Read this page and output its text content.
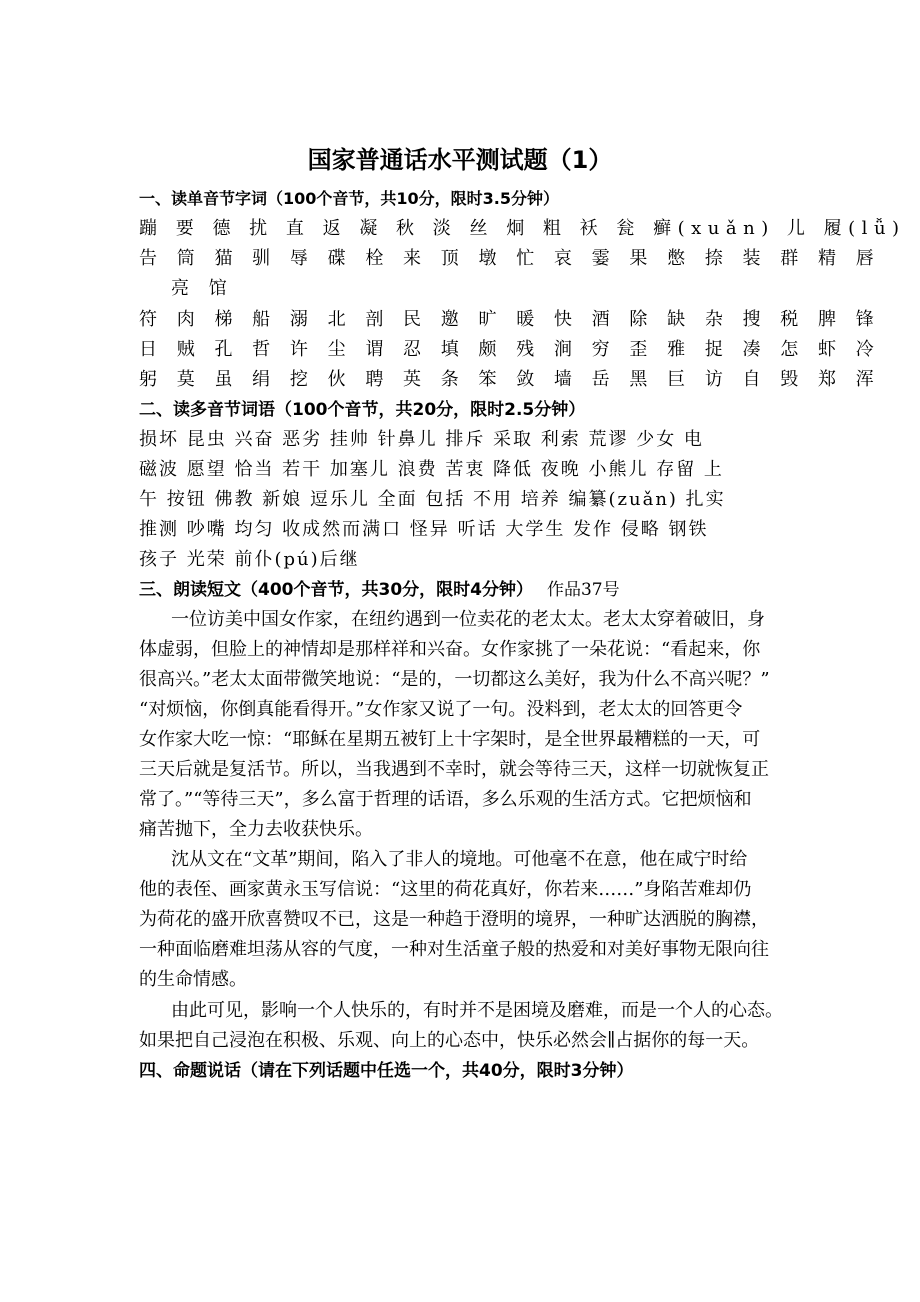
国家普通话水平测试题（1）
一、读单音节字词（100个音节，共10分，限时3.5分钟）
蹦 要 德 扰 直 返 凝 秋 淡 丝 炯 粗 袄 瓮 癣(xuǎn) 儿 履(lǚ)
告 筒 猫 驯 辱 碟 栓 来 顶 墩 忙 哀 霎 果 憋 捺 装 群 精 唇
亮 馆
符 肉 梯 船 溺 北 剖 民 邀 旷 暖 快 酒 除 缺 杂 搜 税 脾 锋
日 贼 孔 哲 许 尘 谓 忍 填 颇 残 涧 穷 歪 雅 捉 凑 怎 虾 冷
躬 莫 虽 绢 挖 伙 聘 英 条 笨 敛 墙 岳 黑 巨 访 自 毁 郑 浑
二、读多音节词语（100个音节，共20分，限时2.5分钟）
损坏 昆虫 兴奋 恶劣 挂帅 针鼻儿 排斥 采取 利索 荒谬 少女 电
磁波 愿望 恰当 若干 加塞儿 浪费 苦衷 降低 夜晚 小熊儿 存留 上
午 按钮 佛教 新娘 逗乐儿 全面 包括 不用 培养 编纂(zuǎn) 扎实
推测 吵嘴 均匀 收成然而满口 怪异 听话 大学生 发作 侵略 钢铁
孩子 光荣 前仆(pú)后继
三、朗读短文（400个音节，共30分，限时4分钟） 作品37号
一位访美中国女作家，在纽约遇到一位卖花的老太太。老太太穿着破旧，身
体虚弱，但脸上的神情却是那样祥和兴奋。女作家挑了一朵花说：“看起来，你
很高兴。”老太太面带微笑地说：“是的，一切都这么美好，我为什么不高兴呢？”
“对烦恼，你倒真能看得开。”女作家又说了一句。没料到，老太太的回答更令
女作家大吃一惊：“耶稣在星期五被钉上十字架时，是全世界最糟糕的一天，可
三天后就是复活节。所以，当我遇到不幸时，就会等待三天，这样一切就恢复正
常了。”“等待三天”，多么富于哲理的话语，多么乐观的生活方式。它把烦恼和
痛苦抛下，全力去收获快乐。
沈从文在“文革”期间，陷入了非人的境地。可他毫不在意，他在咸宁时给
他的表侄、画家黄永玉写信说：“这里的荷花真好，你若来……”身陷苦难却仍
为荷花的盛开欣喜赞叹不已，这是一种趋于澄明的境界，一种旷达洒脱的胸襟，
一种面临磨难坦荡从容的气度，一种对生活童子般的热爱和对美好事物无限向往
的生命情感。
由此可见，影响一个人快乐的，有时并不是困境及磨难，而是一个人的心态。
如果把自己浸泡在积极、乐观、向上的心态中，快乐必然会∥占据你的每一天。
四、命题说话（请在下列话题中任选一个，共40分，限时3分钟）
